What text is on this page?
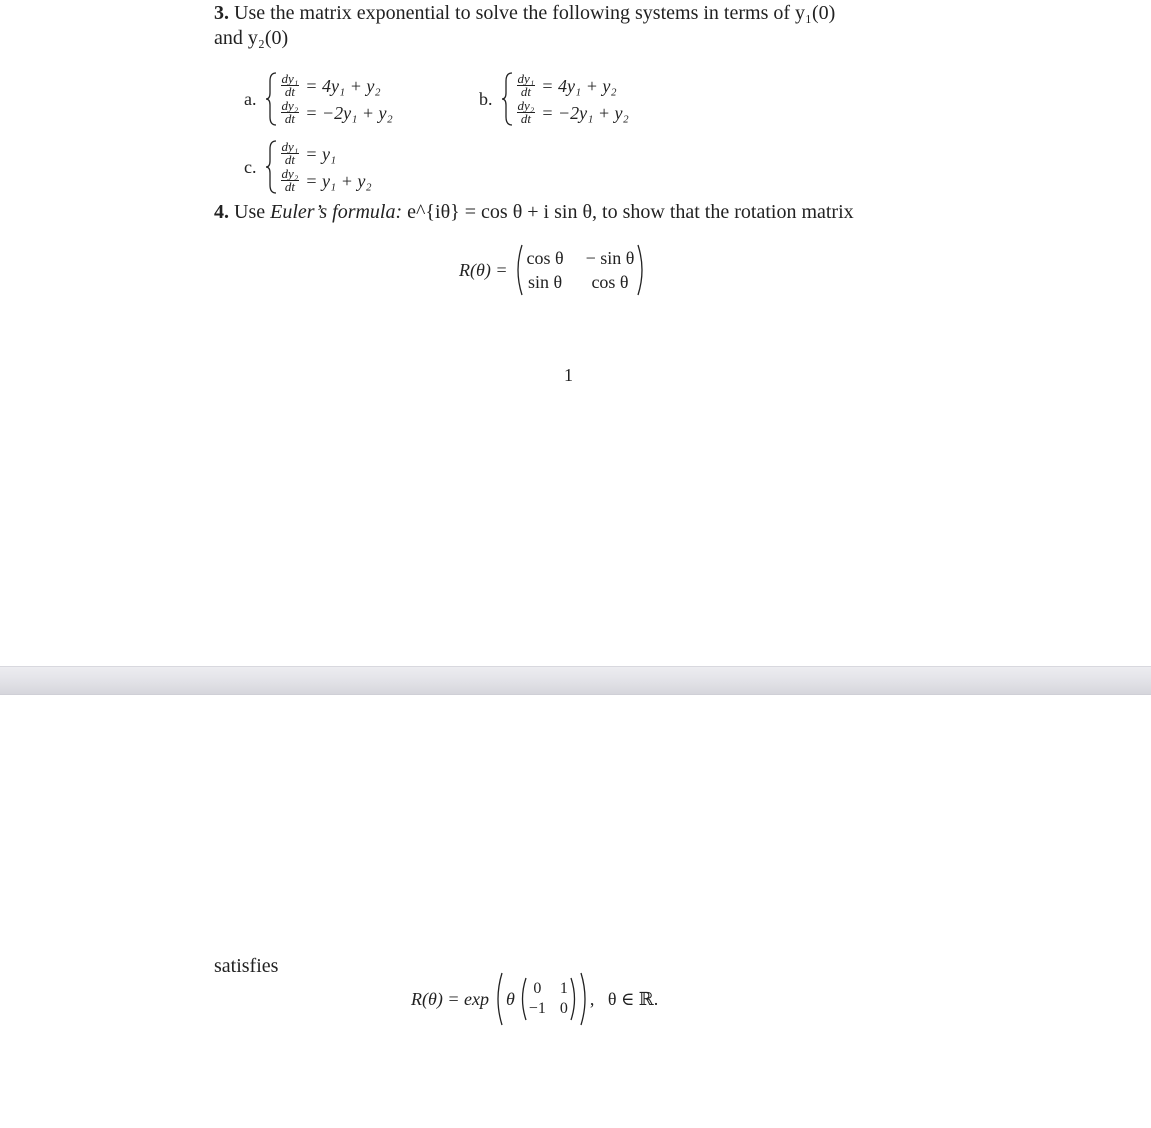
3. Use the matrix exponential to solve the following systems in terms of y₁(0)
and y₂(0)
a.
$\frac{\text{dy₁}}{dt} = 4y_1 + y_2$
$\frac{\text{dy₂}}{dt} = -2y_1 + y_2$
b.
$\frac{\text{dy₁}}{dt} = 4y_1 + y_2$
$\frac{\text{dy₂}}{dt} = -2y_1 + y_2$
c.
$\frac{\text{dy₁}}{dt} = y_1$
$\frac{\text{dy₂}}{dt} = y_1 + y_2$
4. Use Euler’s formula: e^{iθ} = cos θ + i sin θ, to show that the rotation matrix
R(θ) =
cos θ − sin θ
sin θ	cos θ
1
satisfies
R(θ) = exp θ
0 1
−1 0 ,   θ ∈ ℝ.
